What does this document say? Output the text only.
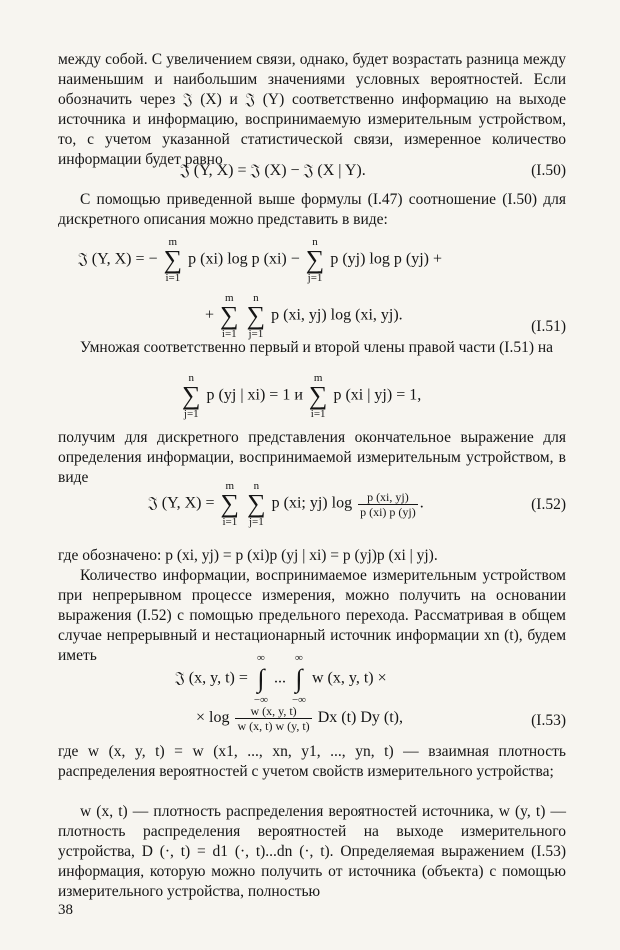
между собой. С увеличением связи, однако, будет возрастать разница между наименьшим и наибольшим значениями условных вероятностей. Если обозначить через 𝔍 (X) и 𝔍 (Y) соответственно информацию на выходе источника и информацию, воспринимаемую измерительным устройством, то, с учетом указанной статистической связи, измеренное количество информации будет равно

𝔍 (Y, X) = 𝔍 (X) − 𝔍 (X | Y).	(I.50)

С помощью приведенной выше формулы (I.47) соотношение (I.50) для дискретного описания можно представить в виде:

𝔍 (Y, X) = − m
∑
i=1 p (xi) log p (xi) − n
∑
j=1 p (yj) log p (yj) +
+ m
∑
i=1 n
∑
j=1 p (xi, yj) log (xi, yj).
(I.51)

Умножая соответственно первый и второй члены правой части (I.51) на

n
∑
j=1 p (yj | xi) = 1 и m
∑
i=1 p (xi | yj) = 1,

получим для дискретного представления окончательное выражение для определения информации, воспринимаемой измерительным устройством, в виде

𝔍 (Y, X) = m
∑
i=1 n
∑
j=1 p (xi; yj) $\log \frac{p (xi, yj)}{p (xi) p (yj)}$ .	(I.52)

где обозначено: p (xi, yj) = p (xi)p (yj | xi) = p (yj)p (xi | yj).

Количество информации, воспринимаемое измерительным устройством при непрерывном процессе измерения, можно получить на основании выражения (I.52) с помощью предельного перехода. Рассматривая в общем случае непрерывный и нестационарный источник информации xn (t), будем иметь

𝔍 (x, y, t) = ∞
∫
−∞ ... ∞
∫
−∞ w (x, y, t) ×
× $\log \frac{w (x, y, t)}{w (x, t) w (y, t)}$ Dx (t) Dy (t),	(I.53)

где w (x, y, t) = w (x1, ..., xn, y1, ..., yn, t) — взаимная плотность распределения вероятностей с учетом свойств измерительного устройства;

w (x, t) — плотность распределения вероятностей источника, w (y, t) — плотность распределения вероятностей на выходе измерительного устройства, D (·, t) = d1 (·, t)...dn (·, t). Определяемая выражением (I.53) информация, которую можно получить от источника (объекта) с помощью измерительного устройства, полностью

38
